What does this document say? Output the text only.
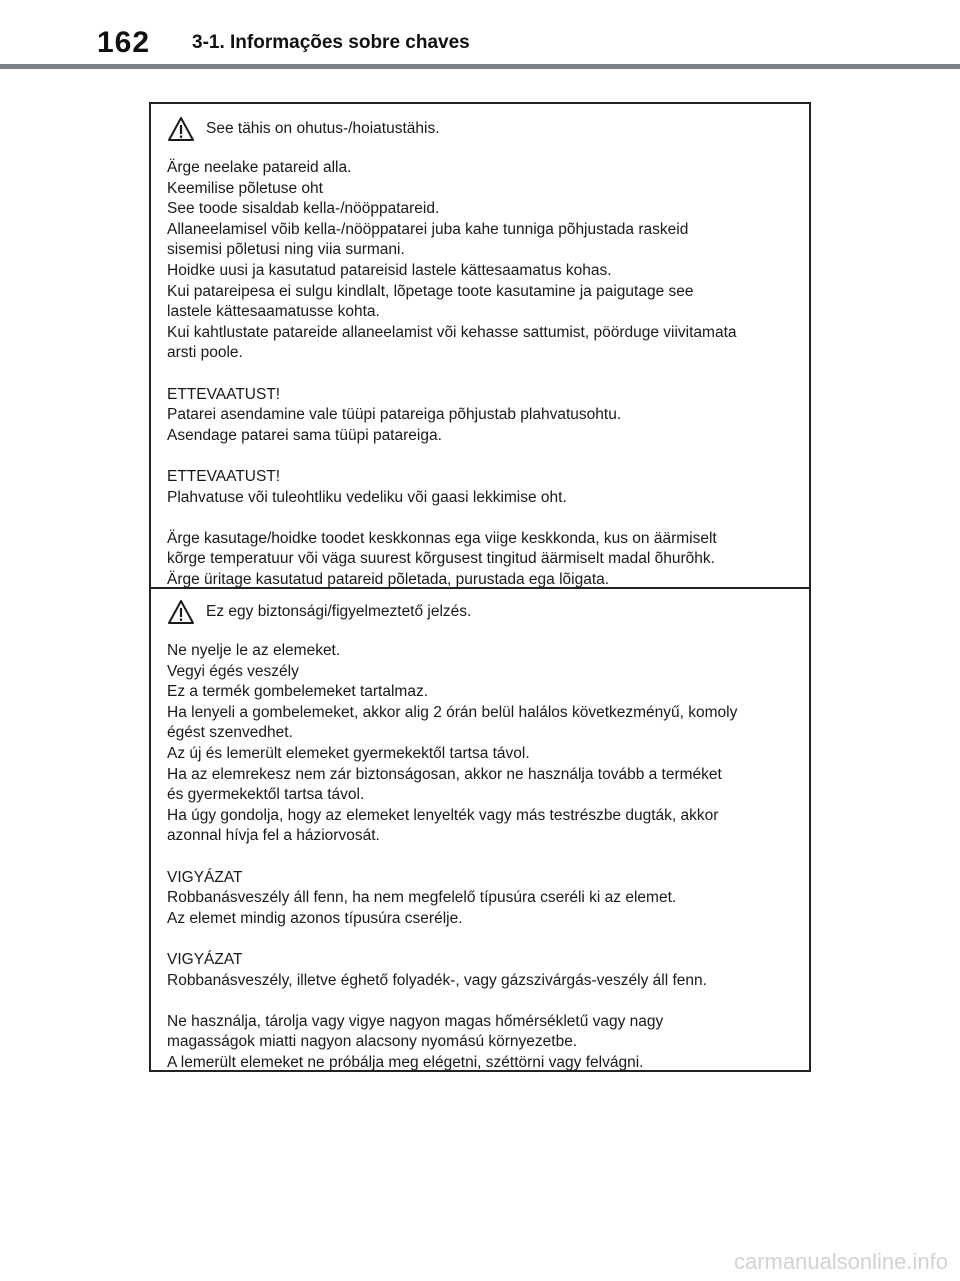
162 3-1. Informações sobre chaves
See tähis on ohutus-/hoiatustähis.
Ärge neelake patareid alla.
Keemilise põletuse oht
See toode sisaldab kella-/nööppatareid.
Allaneelamisel võib kella-/nööppatarei juba kahe tunniga põhjustada raskeid
sisemisi põletusi ning viia surmani.
Hoidke uusi ja kasutatud patareisid lastele kättesaamatus kohas.
Kui patareipesa ei sulgu kindlalt, lõpetage toote kasutamine ja paigutage see
lastele kättesaamatusse kohta.
Kui kahtlustate patareide allaneelamist või kehasse sattumist, pöörduge viivitamata
arsti poole.
ETTEVAATUST!
Patarei asendamine vale tüüpi patareiga põhjustab plahvatusohtu.
Asendage patarei sama tüüpi patareiga.
ETTEVAATUST!
Plahvatuse või tuleohtliku vedeliku või gaasi lekkimise oht.
Ärge kasutage/hoidke toodet keskkonnas ega viige keskkonda, kus on äärmiselt
kõrge temperatuur või väga suurest kõrgusest tingitud äärmiselt madal õhurõhk.
Ärge üritage kasutatud patareid põletada, purustada ega lõigata.
Ez egy biztonsági/figyelmeztető jelzés.
Ne nyelje le az elemeket.
Vegyi égés veszély
Ez a termék gombelemeket tartalmaz.
Ha lenyeli a gombelemeket, akkor alig 2 órán belül halálos következményű, komoly
égést szenvedhet.
Az új és lemerült elemeket gyermekektől tartsa távol.
Ha az elemrekesz nem zár biztonságosan, akkor ne használja tovább a terméket
és gyermekektől tartsa távol.
Ha úgy gondolja, hogy az elemeket lenyelték vagy más testrészbe dugták, akkor
azonnal hívja fel a háziorvosát.
VIGYÁZAT
Robbanásveszély áll fenn, ha nem megfelelő típusúra cseréli ki az elemet.
Az elemet mindig azonos típusúra cserélje.
VIGYÁZAT
Robbanásveszély, illetve éghető folyadék-, vagy gázszivárgás-veszély áll fenn.
Ne használja, tárolja vagy vigye nagyon magas hőmérsékletű vagy nagy
magasságok miatti nagyon alacsony nyomású környezetbe.
A lemerült elemeket ne próbálja meg elégetni, széttörni vagy felvágni.
carmanualsonline.info
